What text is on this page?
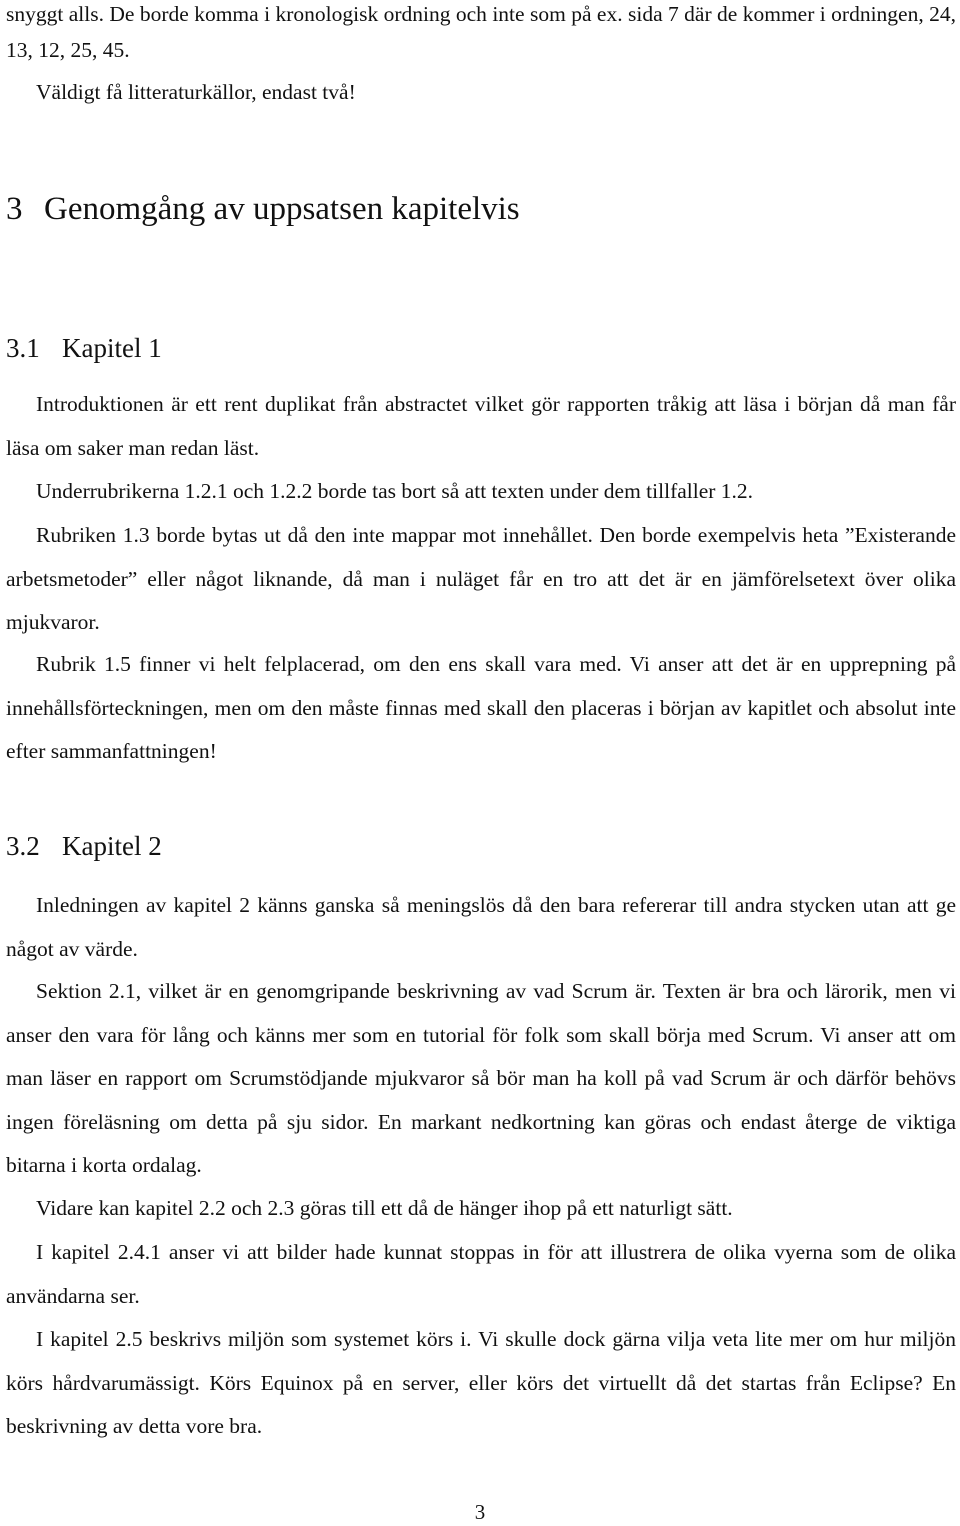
snyggt alls. De borde komma i kronologisk ordning och inte som på ex. sida 7 där de kommer i ordningen, 24, 13, 12, 25, 45.

Väldigt få litteraturkällor, endast två!

3 Genomgång av uppsatsen kapitelvis
3.1 Kapitel 1

Introduktionen är ett rent duplikat från abstractet vilket gör rapporten tråkig att läsa i början då man får läsa om saker man redan läst.

Underrubrikerna 1.2.1 och 1.2.2 borde tas bort så att texten under dem tillfaller 1.2.

Rubriken 1.3 borde bytas ut då den inte mappar mot innehållet. Den borde exempelvis heta ”Existerande arbetsmetoder” eller något liknande, då man i nuläget får en tro att det är en jämförelsetext över olika mjukvaror.

Rubrik 1.5 finner vi helt felplacerad, om den ens skall vara med. Vi anser att det är en upprepning på innehållsförteckningen, men om den måste finnas med skall den placeras i början av kapitlet och absolut inte efter sammanfattningen!

3.2 Kapitel 2

Inledningen av kapitel 2 känns ganska så meningslös då den bara refererar till andra stycken utan att ge något av värde.

Sektion 2.1, vilket är en genomgripande beskrivning av vad Scrum är. Texten är bra och lärorik, men vi anser den vara för lång och känns mer som en tutorial för folk som skall börja med Scrum. Vi anser att om man läser en rapport om Scrumstödjande mjukvaror så bör man ha koll på vad Scrum är och därför behövs ingen föreläsning om detta på sju sidor. En markant nedkortning kan göras och endast återge de viktiga bitarna i korta ordalag.

Vidare kan kapitel 2.2 och 2.3 göras till ett då de hänger ihop på ett naturligt sätt.

I kapitel 2.4.1 anser vi att bilder hade kunnat stoppas in för att illustrera de olika vyerna som de olika användarna ser.

I kapitel 2.5 beskrivs miljön som systemet körs i. Vi skulle dock gärna vilja veta lite mer om hur miljön körs hårdvarumässigt. Körs Equinox på en server, eller körs det virtuellt då det startas från Eclipse? En beskrivning av detta vore bra.

3
